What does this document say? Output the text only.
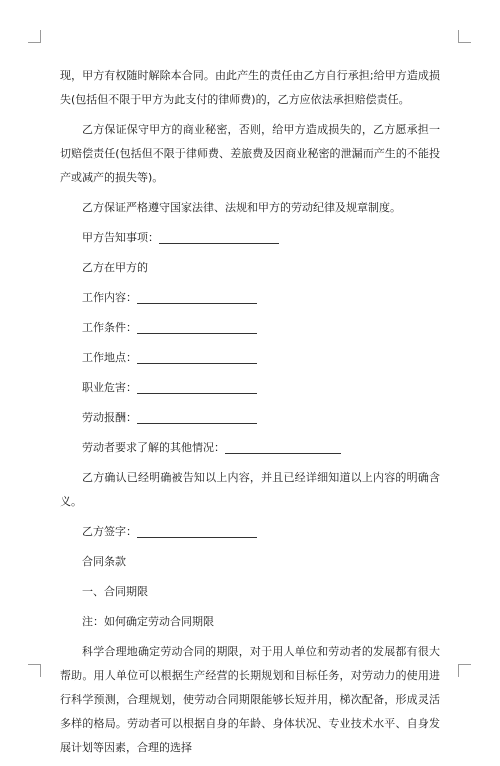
现，甲方有权随时解除本合同。由此产生的责任由乙方自行承担;给甲方造成损失(包括但不限于甲方为此支付的律师费)的，乙方应依法承担赔偿责任。

乙方保证保守甲方的商业秘密，否则，给甲方造成损失的，乙方愿承担一切赔偿责任(包括但不限于律师费、差旅费及因商业秘密的泄漏而产生的不能投产或减产的损失等)。

乙方保证严格遵守国家法律、法规和甲方的劳动纪律及规章制度。

甲方告知事项：
乙方在甲方的
工作内容：
工作条件：
工作地点：
职业危害：
劳动报酬：
劳动者要求了解的其他情况：

乙方确认已经明确被告知以上内容，并且已经详细知道以上内容的明确含义。

乙方签字：
合同条款
一、合同期限
注：如何确定劳动合同期限

科学合理地确定劳动合同的期限，对于用人单位和劳动者的发展都有很大帮助。用人单位可以根据生产经营的长期规划和目标任务，对劳动力的使用进行科学预测，合理规划，使劳动合同期限能够长短并用，梯次配备，形成灵活多样的格局。劳动者可以根据自身的年龄、身体状况、专业技术水平、自身发展计划等因素，合理的选择
